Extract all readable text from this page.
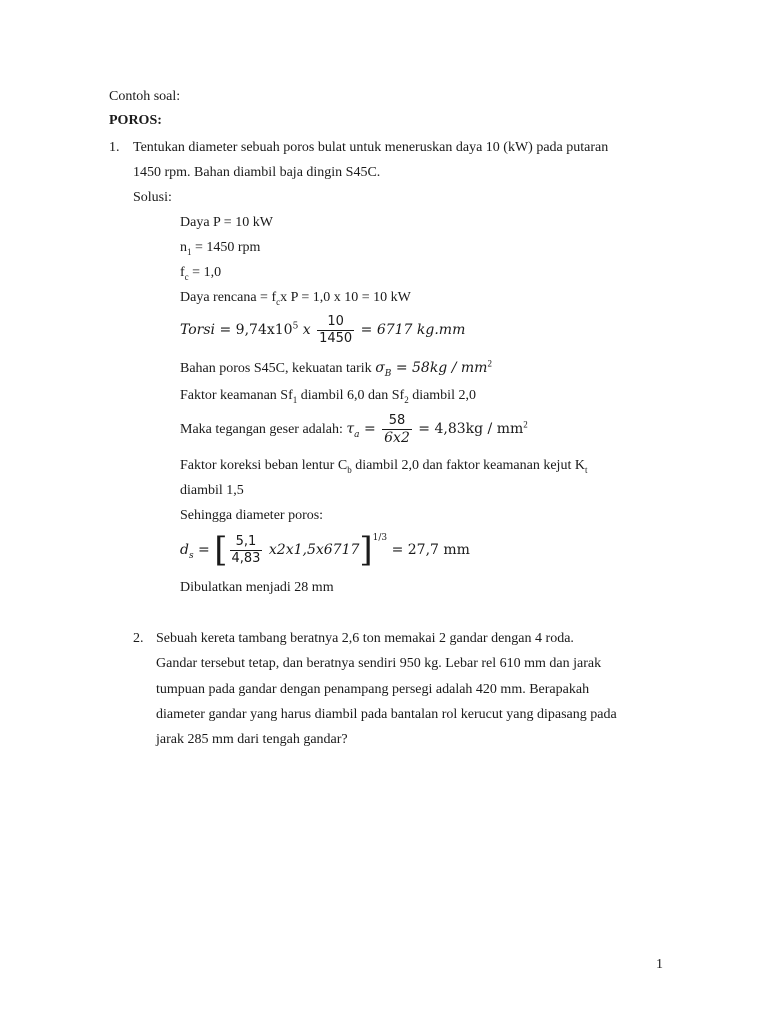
Contoh soal:
POROS:
1. Tentukan diameter sebuah poros bulat untuk meneruskan daya 10 (kW) pada putaran
1450 rpm. Bahan diambil baja dingin S45C.
Solusi:
Daya P = 10 kW
$n_1 = 1450$ rpm
$f_c = 1,0$
Daya rencana = $f_cx$ P = 1,0 x 10 = 10 kW
Torsi = $9,74x10^5$ x $\frac{10}{1450} = 6717$ kg.mm
Bahan poros S45C, kekuatan tarik $\sigma_B = 58kg / mm^2$
Faktor keamanan $Sf_1$ diambil 6,0 dan $Sf_2$ diambil 2,0
Maka tegangan geser adalah: $\tau_a = \frac{58}{6x2} = 4,83kg / mm^2$
Faktor koreksi beban lentur $C_b$ diambil 2,0 dan faktor keamanan kejut $K_t$
diambil 1,5
Sehingga diameter poros:
$d_s$ = [ $\frac{5,1}{4,83} x2x1,5x6717]^{1/3} = 27,7$ mm
Dibulatkan menjadi 28 mm
2. Sebuah kereta tambang beratnya 2,6 ton memakai 2 gandar dengan 4 roda.
Gandar tersebut tetap, dan beratnya sendiri 950 kg. Lebar rel 610 mm dan jarak
tumpuan pada gandar dengan penampang persegi adalah 420 mm. Berapakah
diameter gandar yang harus diambil pada bantalan rol kerucut yang dipasang pada
jarak 285 mm dari tengah gandar?
1
